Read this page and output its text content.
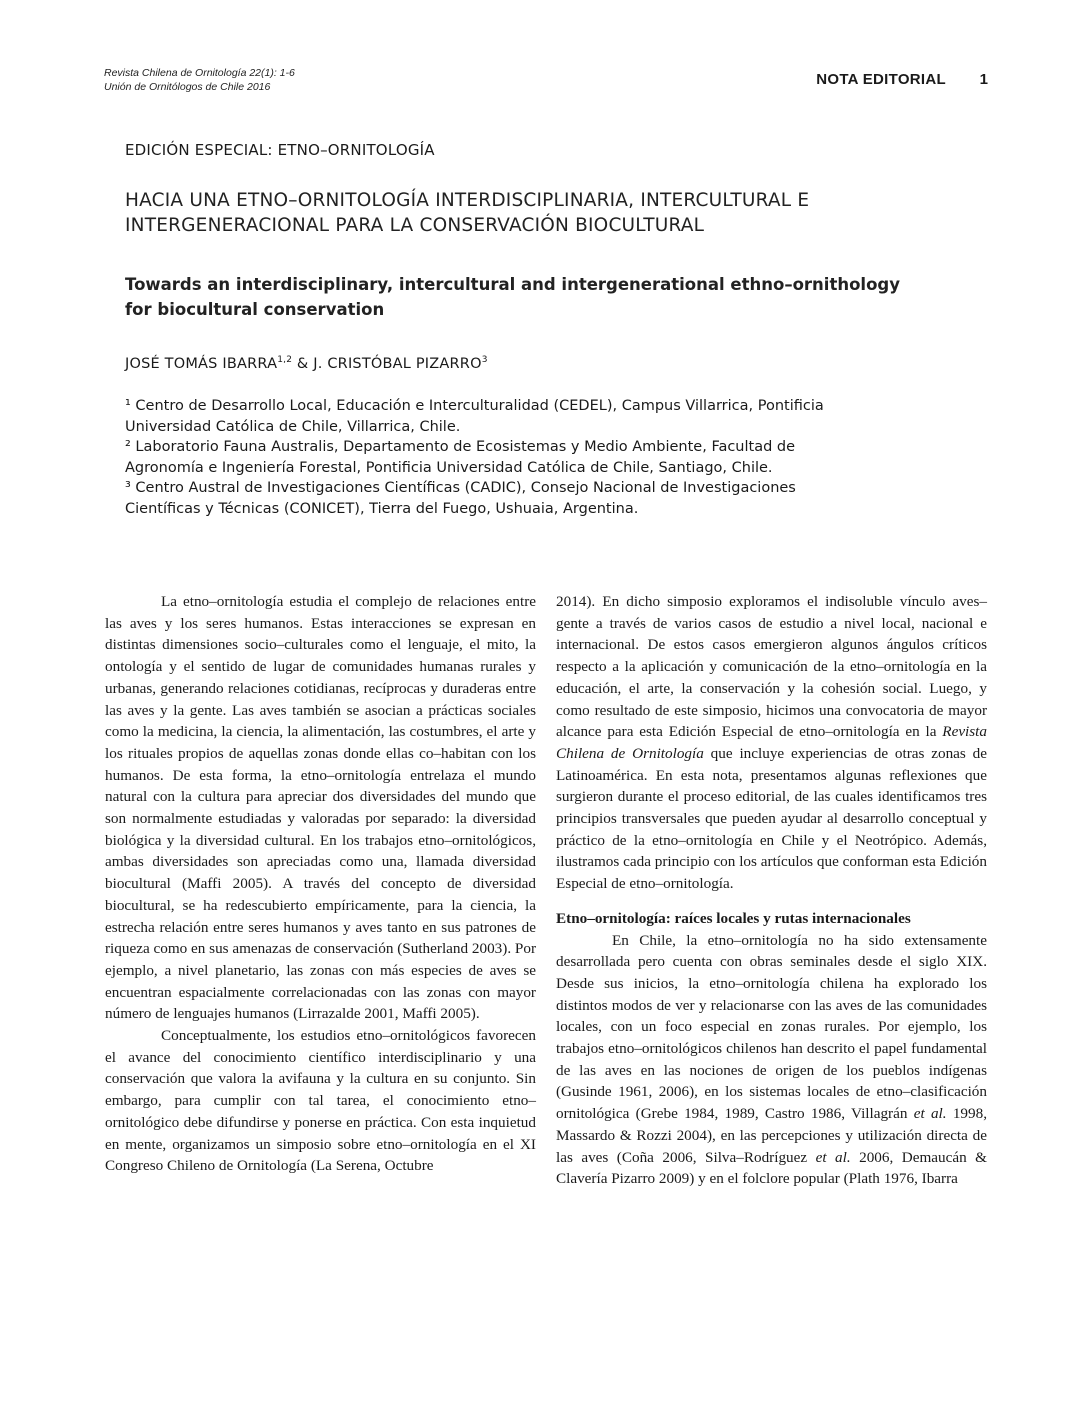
Revista Chilena de Ornitología 22(1): 1-6
Unión de Ornitólogos de Chile 2016	NOTA EDITORIAL 1
EDICIÓN ESPECIAL: ETNO–ORNITOLOGÍA
HACIA UNA ETNO–ORNITOLOGÍA INTERDISCIPLINARIA, INTERCULTURAL E
INTERGENERACIONAL PARA LA CONSERVACIÓN BIOCULTURAL
Towards an interdisciplinary, intercultural and intergenerational ethno–ornithology
for biocultural conservation
JOSÉ TOMÁS IBARRA$^{1,2}$ & J. CRISTÓBAL PIZARRO$^3$
¹ Centro de Desarrollo Local, Educación e Interculturalidad (CEDEL), Campus Villarrica, Pontificia
Universidad Católica de Chile, Villarrica, Chile.
² Laboratorio Fauna Australis, Departamento de Ecosistemas y Medio Ambiente, Facultad de
Agronomía e Ingeniería Forestal, Pontificia Universidad Católica de Chile, Santiago, Chile.
³ Centro Austral de Investigaciones Científicas (CADIC), Consejo Nacional de Investigaciones
Científicas y Técnicas (CONICET), Tierra del Fuego, Ushuaia, Argentina.

La etno–ornitología estudia el complejo de relaciones entre las aves y los seres humanos. Estas interacciones se expresan en distintas dimensiones socio–culturales como el lenguaje, el mito, la ontología y el sentido de lugar de comunidades humanas rurales y urbanas, generando relaciones cotidianas, recíprocas y duraderas entre las aves y la gente. Las aves también se asocian a prácticas sociales como la medicina, la ciencia, la alimentación, las costumbres, el arte y los rituales propios de aquellas zonas donde ellas co–habitan con los humanos. De esta forma, la etno–ornitología entrelaza el mundo natural con la cultura para apreciar dos diversidades del mundo que son normalmente estudiadas y valoradas por separado: la diversidad biológica y la diversidad cultural. En los trabajos etno–ornitológicos, ambas diversidades son apreciadas como una, llamada diversidad biocultural (Maffi 2005). A través del concepto de diversidad biocultural, se ha redescubierto empíricamente, para la ciencia, la estrecha relación entre seres humanos y aves tanto en sus patrones de riqueza como en sus amenazas de conservación (Sutherland 2003). Por ejemplo, a nivel planetario, las zonas con más especies de aves se encuentran espacialmente correlacionadas con las zonas con mayor número de lenguajes humanos (Lirrazalde 2001, Maffi 2005).

Conceptualmente, los estudios etno–ornitológicos favorecen el avance del conocimiento científico interdisciplinario y una conservación que valora la avifauna y la cultura en su conjunto. Sin embargo, para cumplir con tal tarea, el conocimiento etno–ornitológico debe difundirse y ponerse en práctica. Con esta inquietud en mente, organizamos un simposio sobre etno–ornitología en el XI Congreso Chileno de Ornitología (La Serena, Octubre

2014). En dicho simposio exploramos el indisoluble vínculo aves–gente a través de varios casos de estudio a nivel local, nacional e internacional. De estos casos emergieron algunos ángulos críticos respecto a la aplicación y comunicación de la etno–ornitología en la educación, el arte, la conservación y la cohesión social. Luego, y como resultado de este simposio, hicimos una convocatoria de mayor alcance para esta Edición Especial de etno–ornitología en la Revista Chilena de Ornitología que incluye experiencias de otras zonas de Latinoamérica. En esta nota, presentamos algunas reflexiones que surgieron durante el proceso editorial, de las cuales identificamos tres principios transversales que pueden ayudar al desarrollo conceptual y práctico de la etno–ornitología en Chile y el Neotrópico. Además, ilustramos cada principio con los artículos que conforman esta Edición Especial de etno–ornitología.

Etno–ornitología: raíces locales y rutas internacionales

En Chile, la etno–ornitología no ha sido extensamente desarrollada pero cuenta con obras seminales desde el siglo XIX. Desde sus inicios, la etno–ornitología chilena ha explorado los distintos modos de ver y relacionarse con las aves de las comunidades locales, con un foco especial en zonas rurales. Por ejemplo, los trabajos etno–ornitológicos chilenos han descrito el papel fundamental de las aves en las nociones de origen de los pueblos indígenas (Gusinde 1961, 2006), en los sistemas locales de etno–clasificación ornitológica (Grebe 1984, 1989, Castro 1986, Villagrán et al. 1998, Massardo & Rozzi 2004), en las percepciones y utilización directa de las aves (Coña 2006, Silva–Rodríguez et al. 2006, Demaucán & Clavería Pizarro 2009) y en el folclore popular (Plath 1976, Ibarra
